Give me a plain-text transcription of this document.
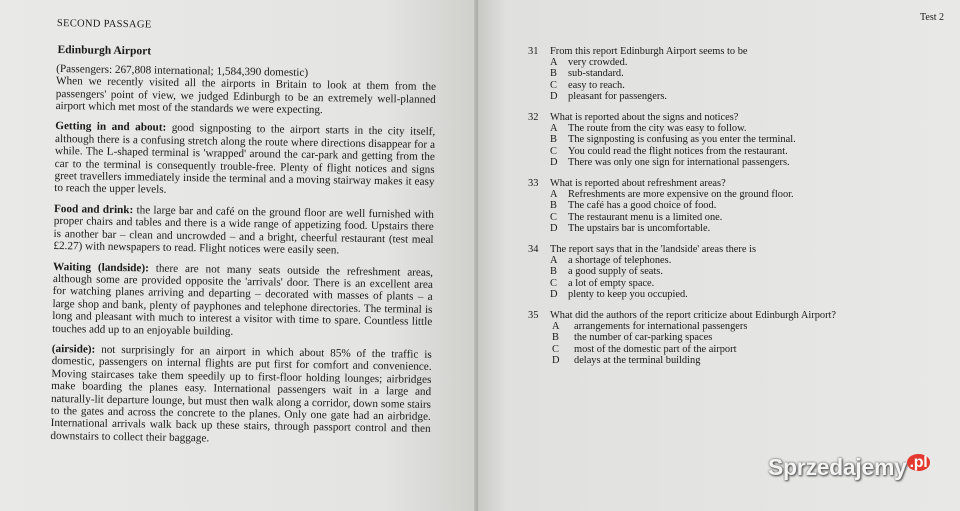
SECOND PASSAGE
Edinburgh Airport
(Passengers: 267,808 international; 1,584,390 domestic)
When we recently visited all the airports in Britain to look at them from the passengers' point of view, we judged Edinburgh to be an extremely well-planned airport which met most of the standards we were expecting.
Getting in and about: good signposting to the airport starts in the city itself, although there is a confusing stretch along the route where directions disappear for a while. The L-shaped terminal is 'wrapped' around the car-park and getting from the car to the terminal is consequently trouble-free. Plenty of flight notices and signs greet travellers immediately inside the terminal and a moving stairway makes it easy to reach the upper levels.
Food and drink: the large bar and café on the ground floor are well furnished with proper chairs and tables and there is a wide range of appetizing food. Upstairs there is another bar – clean and uncrowded – and a bright, cheerful restaurant (test meal £2.27) with newspapers to read. Flight notices were easily seen.
Waiting (landside): there are not many seats outside the refreshment areas, although some are provided opposite the 'arrivals' door. There is an excellent area for watching planes arriving and departing – decorated with masses of plants – a large shop and bank, plenty of payphones and telephone directories. The terminal is long and pleasant with much to interest a visitor with time to spare. Countless little touches add up to an enjoyable building.
(airside): not surprisingly for an airport in which about 85% of the traffic is domestic, passengers on internal flights are put first for comfort and convenience. Moving staircases take them speedily up to first-floor holding lounges; airbridges make boarding the planes easy. International passengers wait in a large and naturally-lit departure lounge, but must then walk along a corridor, down some stairs to the gates and across the concrete to the planes. Only one gate had an airbridge. International arrivals walk back up these stairs, through passport control and then downstairs to collect their baggage.
Test 2
31	From this report Edinburgh Airport seems to be
A	very crowded.
B	sub-standard.
C	easy to reach.
D	pleasant for passengers.
32	What is reported about the signs and notices?
A	The route from the city was easy to follow.
B	The signposting is confusing as you enter the terminal.
C	You could read the flight notices from the restaurant.
D	There was only one sign for international passengers.
33	What is reported about refreshment areas?
A	Refreshments are more expensive on the ground floor.
B	The café has a good choice of food.
C	The restaurant menu is a limited one.
D	The upstairs bar is uncomfortable.
34	The report says that in the 'landside' areas there is
A	a shortage of telephones.
B	a good supply of seats.
C	a lot of empty space.
D	plenty to keep you occupied.
35	What did the authors of the report criticize about Edinburgh Airport?
A	arrangements for international passengers
B	the number of car-parking spaces
C	most of the domestic part of the airport
D	delays at the terminal building
Sprzedajemy $^{.pl}$
